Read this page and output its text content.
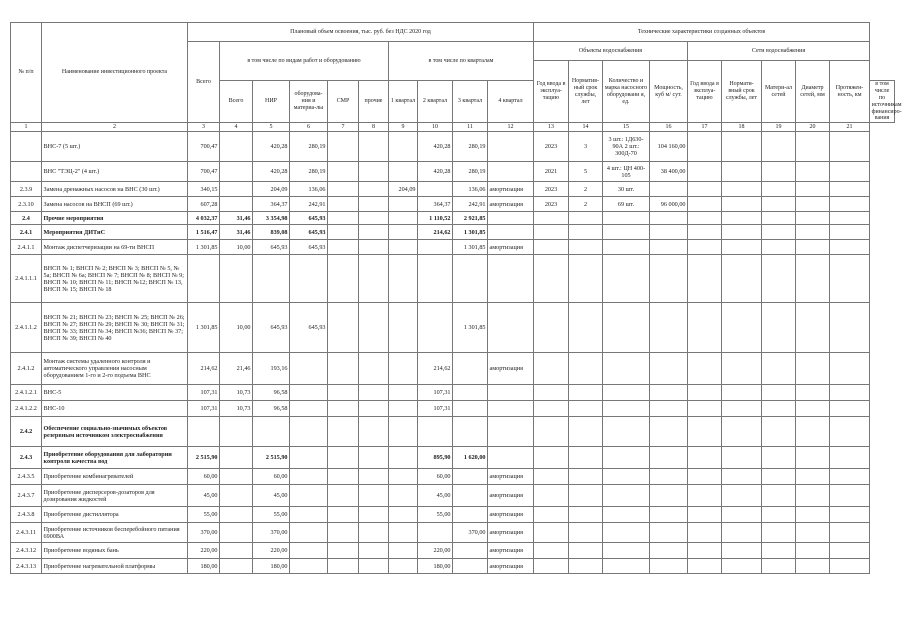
№ п/п	Наименование инвестиционного проекта	Плановый объем освоения, тыс. руб. без НДС 2020 год										Технические характеристики созданных объектов									
		Всего	в том числе по видам работ и оборудованию					в том числе по кварталам				Объекты водоснабжения				Сети водоснабжения					
												Год ввода в эксплуа-тацию	Норматив-ный срок службы, лет	Количество и марка насосного оборудовани я, ед.	Мощность, куб м/ сут.	Год ввода в эксплуа-тацию	Нормати-вный срок службы, лет	Матери-ал сетей	Диаметр сетей, мм	Протяжен-ность, км	
			Всего	НИР	оборудова-ния и материа-лы	СМР	прочие	1 квартал	2 квартал	3 квартал	4 квартал										в том числе по источникам финансиро-вания
1	2	3	4	5	6	7	8	9	10	11	12	13	14	15	16	17	18	19	20	21	
	ВНС-7 (5 шт.)	700,47		420,28	280,19				420,28	280,19		2023	3	3 шт.: 1Д630-90А 2 шт.: 300Д-70	104 160,00						
	ВНС "ТЭЦ-2" (4 шт.)	700,47		420,28	280,19				420,28	280,19		2021	5	4 шт.: ЦН 400-105	38 400,00						
2.3.9	Замена дренажных насосов на ВНС (30 шт.)	340,15		204,09	136,06			204,09		136,06	амортизация	2023	2	30 шт.							
2.3.10	Замена насосов на ВНСП (69 шт.)	607,28		364,37	242,91				364,37	242,91	амортизация	2023	2	69 шт.	96 000,00						
2.4	Прочие мероприятия	4 032,37	31,46	3 354,98	645,93				1 110,52	2 921,85											
2.4.1	Мероприятия ДИТиС	1 516,47	31,46	839,08	645,93				214,62	1 301,85											
2.4.1.1	Монтаж диспетчеризации на 69-ти ВНСП	1 301,85	10,00	645,93	645,93					1 301,85	амортизация										
2.4.1.1.1	ВНСП № 1; ВНСП № 2; ВНСП № 3; ВНСП № 5, № 5а; ВНСП № 6а; ВНСП № 7; ВНСП № 8; ВНСП № 9; ВНСП № 10; ВНСП № 11; ВНСП №12; ВНСП № 13, ВНСП № 15; ВНСП № 18																				
2.4.1.1.2	ВНСП № 21; ВНСП № 23; ВНСП № 25; ВНСП № 26; ВНСП № 27; ВНСП № 29; ВНСП № 30; ВНСП № 31; ВНСП № 33; ВНСП № 34; ВНСП №36; ВНСП № 37; ВНСП № 39; ВНСП № 40	1 301,85	10,00	645,93	645,93					1 301,85											
2.4.1.2	Монтаж системы удаленного контроля и автоматического управления насосным оборудованием 1-го и 2-го подъема ВНС	214,62	21,46	193,16					214,62		амортизация										
2.4.1.2.1	ВНС-5	107,31	10,73	96,58					107,31												
2.4.1.2.2	ВНС-10	107,31	10,73	96,58					107,31												
2.4.2	Обеспечение социально-значимых объектов резервным источником электроснабжения																				
2.4.3	Приобретение оборудования для лаборатории контроля качества вод	2 515,90		2 515,90					895,90	1 620,00											
2.4.3.5	Приобретение комбинагревателей	60,00		60,00					60,00		амортизация										
2.4.3.7	Приобретение дисперсеров-дозаторов для дозирования жидкостей	45,00		45,00					45,00		амортизация										
2.4.3.8	Приобретение дистиллятора	55,00		55,00					55,00		амортизация										
2.4.3.11	Приобретение источников бесперебойного питания 6900ВА	370,00		370,00						370,00	амортизация										
2.4.3.12	Приобретение водяных бань	220,00		220,00					220,00		амортизация										
2.4.3.13	Приобретение нагревательной платформы	180,00		180,00					180,00		амортизация										
